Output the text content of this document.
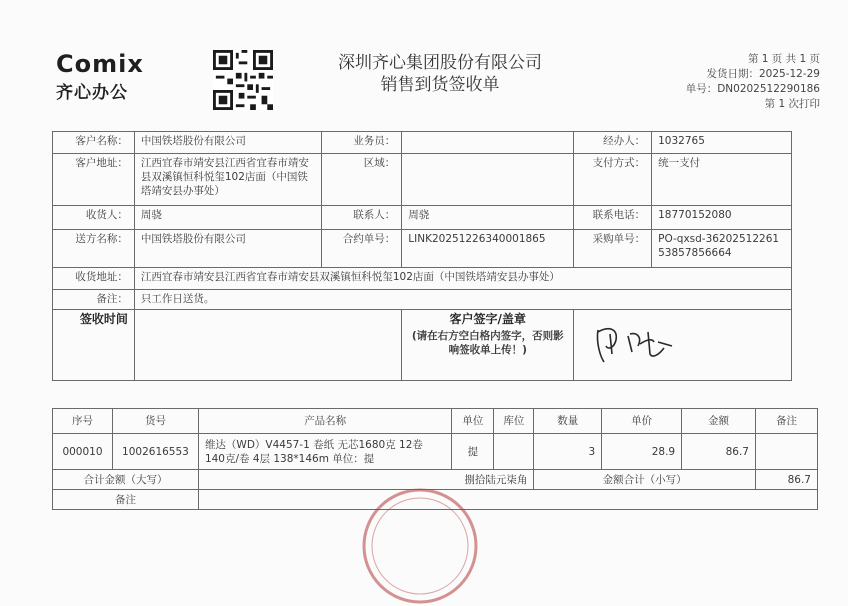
Comix
齐心办公
深圳齐心集团股份有限公司
销售到货签收单
第 1 页 共 1 页
发货日期：2025-12-29
单号：DN0202512290186
第 1 次打印
客户名称：	中国铁塔股份有限公司	业务员：		经办人：	1032765
客户地址：	江西宜春市靖安县江西省宜春市靖安县双溪镇恒科悦玺102店面（中国铁塔靖安县办事处）	区域：		支付方式：	统一支付
收货人：	周骁	联系人：	周骁	联系电话：	18770152080
送方名称：	中国铁塔股份有限公司	合约单号：	LINK20251226340001865	采购单号：	PO-qxsd-3620251226153857856664
收货地址：	江西宜春市靖安县江西省宜春市靖安县双溪镇恒科悦玺102店面（中国铁塔靖安县办事处）				
备注：	只工作日送货。				
签收时间			客户签字/盖章
(请在右方空白格内签字，否则影响签收单上传！)

序号	货号	产品名称	单位	库位	数量	单价	金额	备注
000010	1002616553	维达（WD）V4457-1 卷纸 无芯1680克 12卷 140克/卷 4层 138*146m 单位：提	提		3	28.9	86.7	
合计金额（大写）		捌拾陆元柒角			金额合计（小写）			86.7
备注								
